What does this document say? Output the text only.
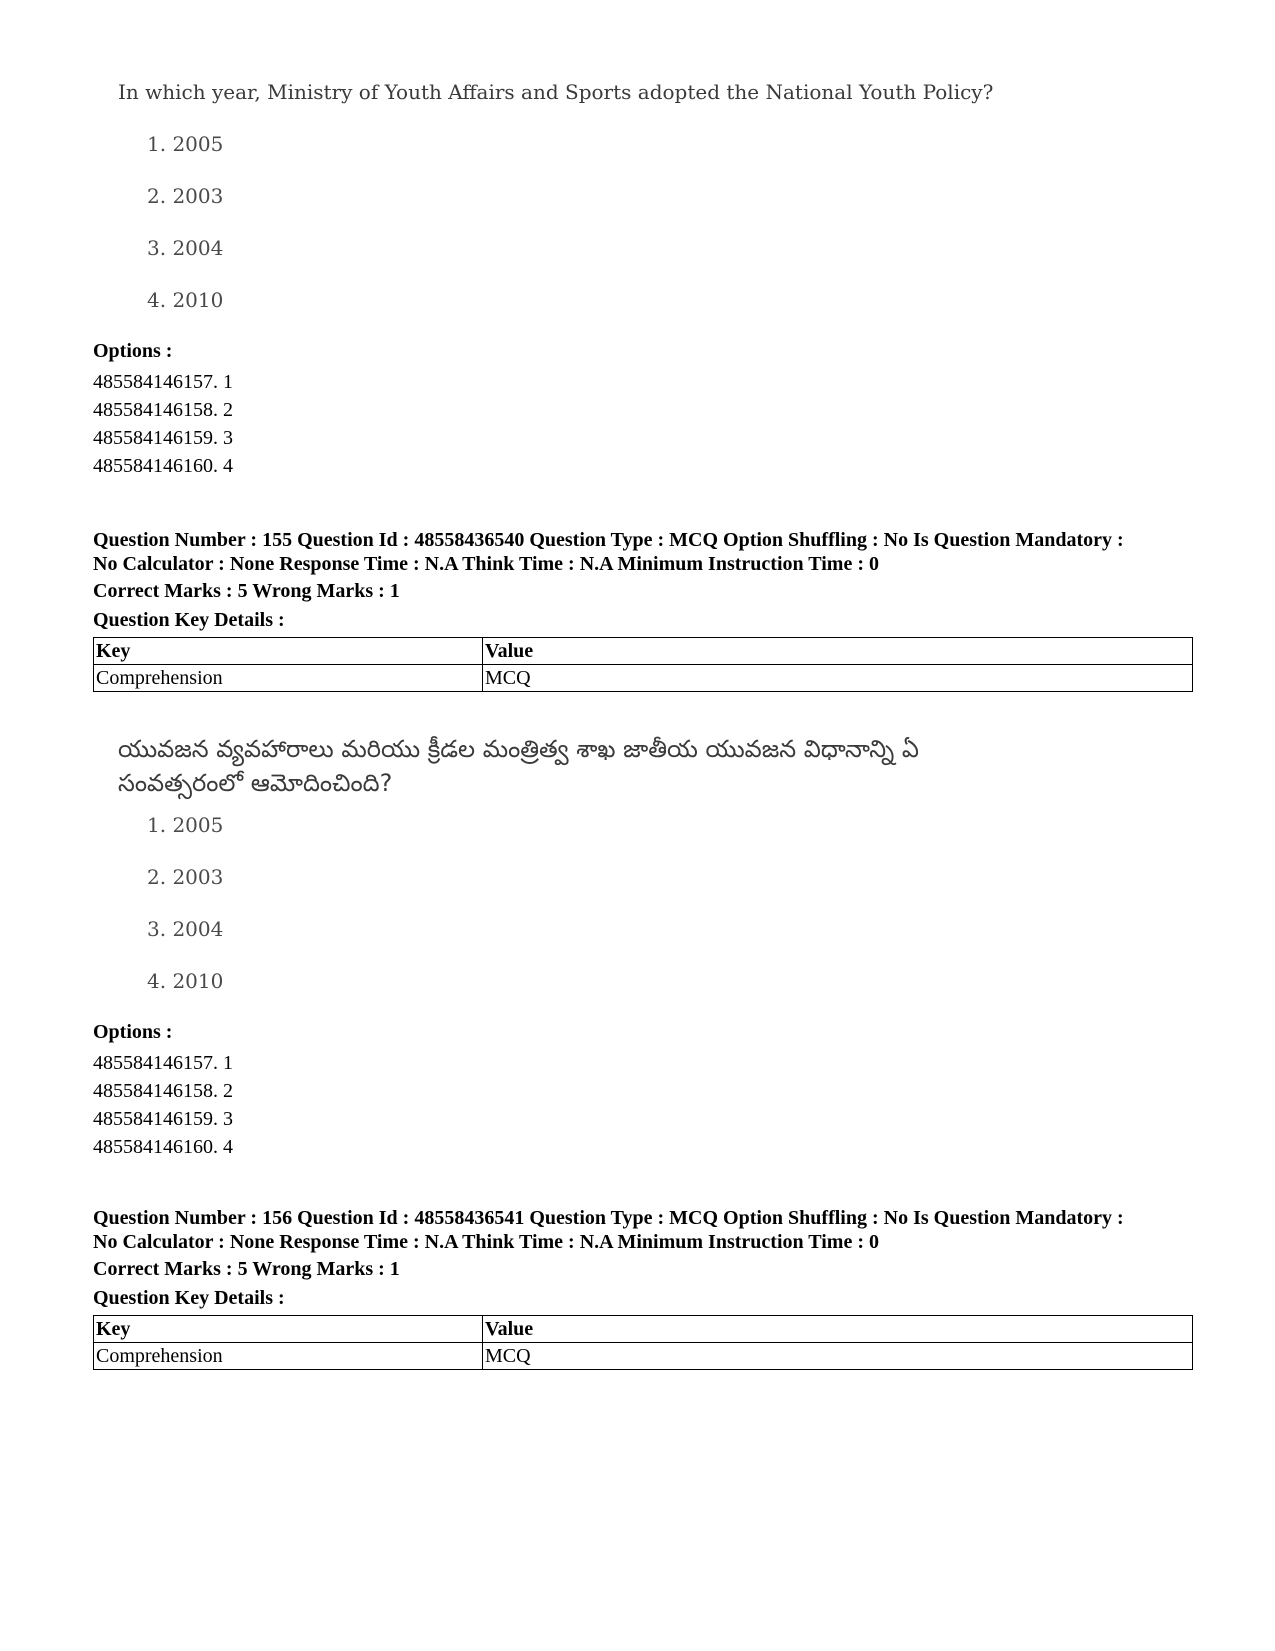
In which year, Ministry of Youth Affairs and Sports adopted the National Youth Policy?
1. 2005
2. 2003
3. 2004
4. 2010
Options :
485584146157. 1
485584146158. 2
485584146159. 3
485584146160. 4
Question Number : 155 Question Id : 48558436540 Question Type : MCQ Option Shuffling : No Is Question Mandatory :
No Calculator : None Response Time : N.A Think Time : N.A Minimum Instruction Time : 0
Correct Marks : 5 Wrong Marks : 1
Question Key Details :
Key	Value
Comprehension	MCQ
యువజన వ్యవహారాలు మరియు క్రీడల మంత్రిత్వ శాఖ జాతీయ యువజన విధానాన్ని ఏ
సంవత్సరంలో ఆమోదించింది?
1. 2005
2. 2003
3. 2004
4. 2010
Options :
485584146157. 1
485584146158. 2
485584146159. 3
485584146160. 4
Question Number : 156 Question Id : 48558436541 Question Type : MCQ Option Shuffling : No Is Question Mandatory :
No Calculator : None Response Time : N.A Think Time : N.A Minimum Instruction Time : 0
Correct Marks : 5 Wrong Marks : 1
Question Key Details :
Key	Value
Comprehension	MCQ
